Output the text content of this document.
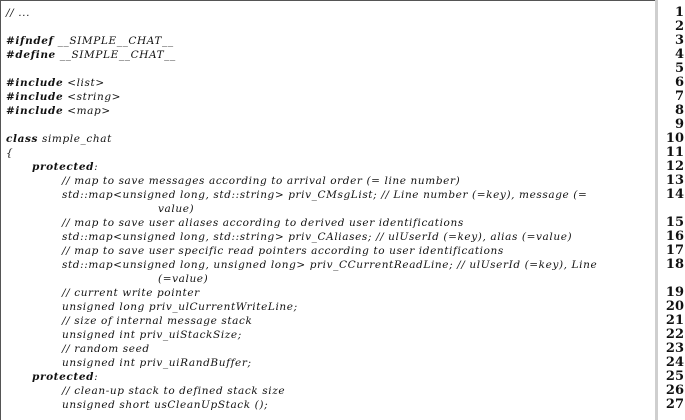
// ...
#ifndef __SIMPLE__CHAT__
#define __SIMPLE__CHAT__
#include <list>
#include <string>
#include <map>
class simple_chat
{
protected:
// map to save messages according to arrival order (= line number)
std::map<unsigned long, std::string> priv_CMsgList; // Line number (=key), message (=
value)
// map to save user aliases according to derived user identifications
std::map<unsigned long, std::string> priv_CAliases; // ulUserId (=key), alias (=value)
// map to save user specific read pointers according to user identifications
std::map<unsigned long, unsigned long> priv_CCurrentReadLine; // ulUserId (=key), Line
(=value)
// current write pointer
unsigned long priv_ulCurrentWriteLine;
// size of internal message stack
unsigned int priv_uiStackSize;
// random seed
unsigned int priv_uiRandBuffer;
protected:
// clean-up stack to defined stack size
unsigned short usCleanUpStack ();
1
2
3
4
5
6
7
8
9
10
11
12
13
14
15
16
17
18
19
20
21
22
23
24
25
26
27
